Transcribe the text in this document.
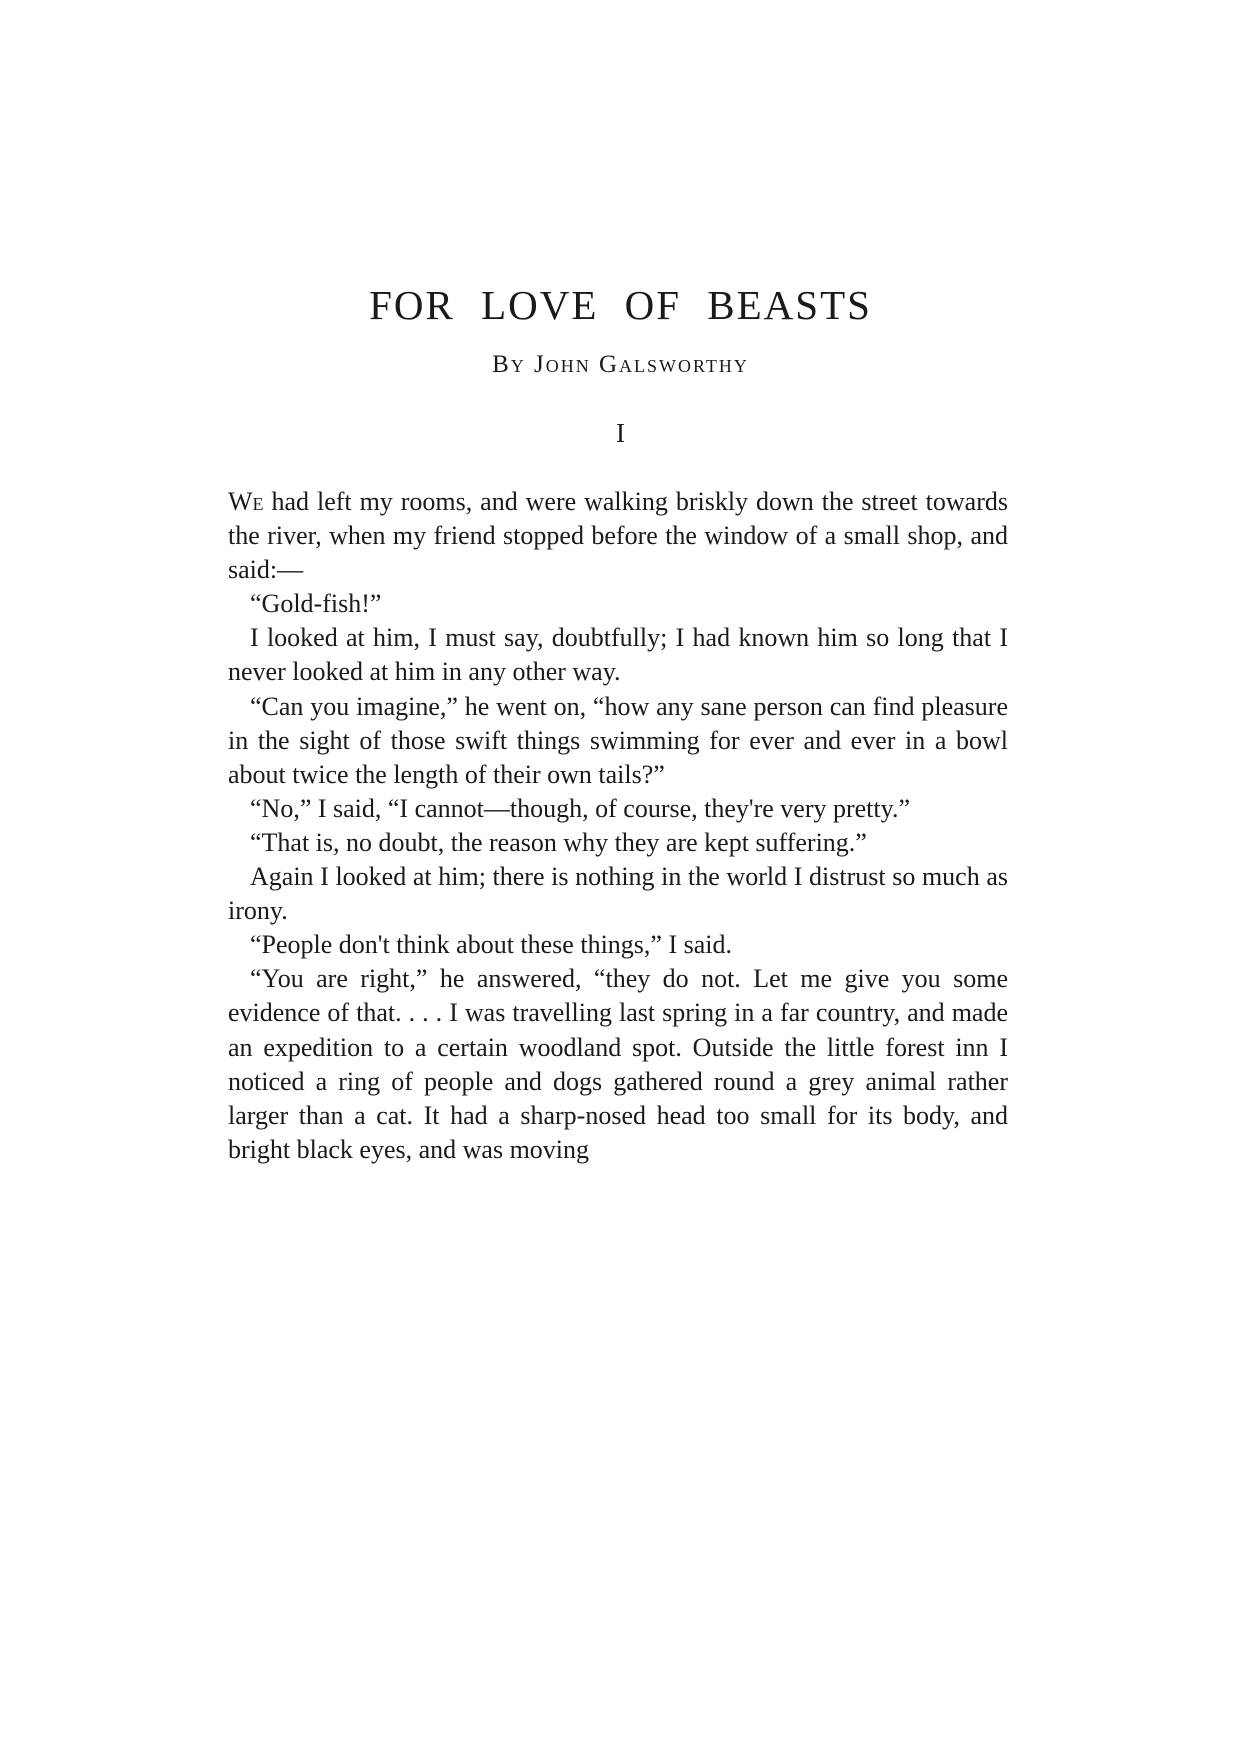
FOR LOVE OF BEASTS
By John Galsworthy
I

We had left my rooms, and were walking briskly down the street towards the river, when my friend stopped before the window of a small shop, and said:—

“Gold-fish!”

I looked at him, I must say, doubtfully; I had known him so long that I never looked at him in any other way.

“Can you imagine,” he went on, “how any sane person can find pleasure in the sight of those swift things swimming for ever and ever in a bowl about twice the length of their own tails?”

“No,” I said, “I cannot—though, of course, they're very pretty.”

“That is, no doubt, the reason why they are kept suffering.”

Again I looked at him; there is nothing in the world I distrust so much as irony.

“People don't think about these things,” I said.

“You are right,” he answered, “they do not. Let me give you some evidence of that. . . . I was travelling last spring in a far country, and made an expedition to a certain woodland spot. Outside the little forest inn I noticed a ring of people and dogs gathered round a grey animal rather larger than a cat. It had a sharp-nosed head too small for its body, and bright black eyes, and was moving
